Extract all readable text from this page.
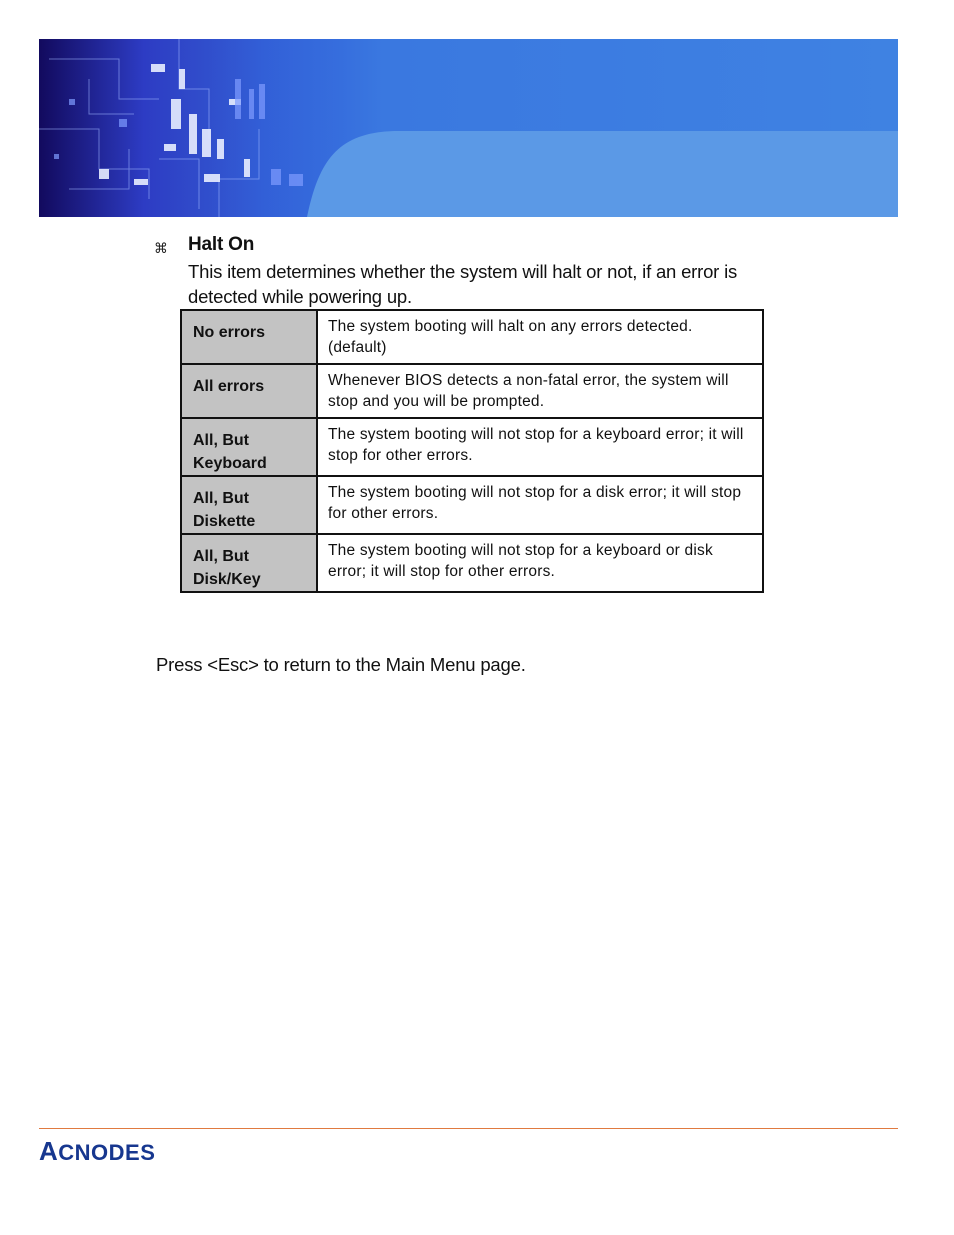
⌘ Halt On
This item determines whether the system will halt or not, if an error is detected while powering up.
No errors	The system booting will halt on any errors detected. (default)
All errors	Whenever BIOS detects a non-fatal error, the system will stop and you will be prompted.
All, But Keyboard	The system booting will not stop for a keyboard error; it will stop for other errors.
All, But Diskette	The system booting will not stop for a disk error; it will stop for other errors.
All, But Disk/Key	The system booting will not stop for a keyboard or disk error; it will stop for other errors.
Press <Esc> to return to the Main Menu page.
ACNODES
